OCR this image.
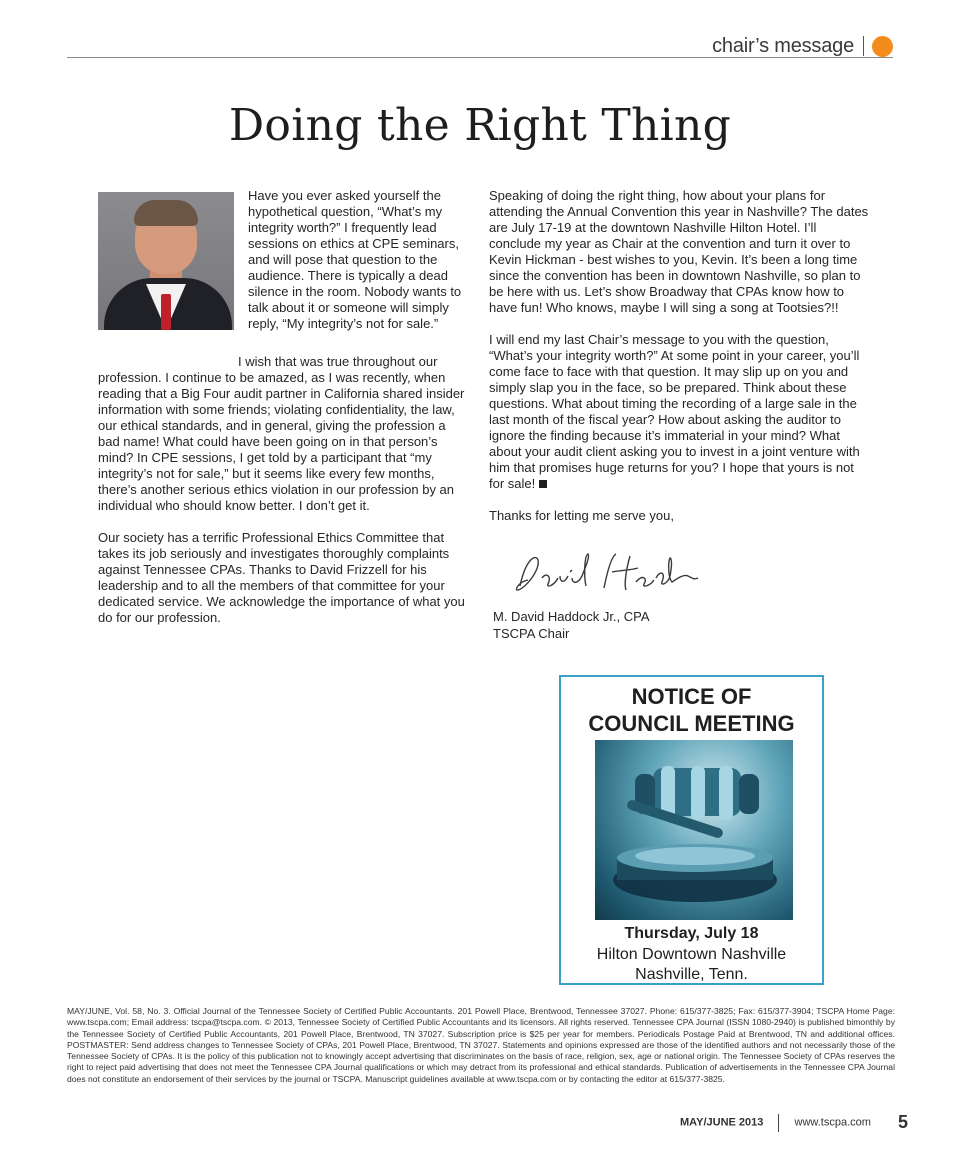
chair’s message
Doing the Right Thing

Have you ever asked yourself the hypothetical question, “What’s my integrity worth?” I frequently lead sessions on ethics at CPE seminars, and will pose that question to the audience. There is typically a dead silence in the room. Nobody wants to talk about it or someone will simply reply, “My integrity’s not for sale.”

I wish that was true throughout our profession. I continue to be amazed, as I was recently, when reading that a Big Four audit partner in California shared insider information with some friends; violating confidentiality, the law, our ethical standards, and in general, giving the profession a bad name! What could have been going on in that person’s mind? In CPE sessions, I get told by a participant that “my integrity’s not for sale,” but it seems like every few months, there’s another serious ethics violation in our profession by an individual who should know better. I don’t get it.

Our society has a terrific Professional Ethics Committee that takes its job seriously and investigates thoroughly complaints against Tennessee CPAs. Thanks to David Frizzell for his leadership and to all the members of that committee for your dedicated service. We acknowledge the importance of what you do for our profession.

Speaking of doing the right thing, how about your plans for attending the Annual Convention this year in Nashville? The dates are July 17-19 at the downtown Nashville Hilton Hotel. I’ll conclude my year as Chair at the convention and turn it over to Kevin Hickman - best wishes to you, Kevin. It’s been a long time since the convention has been in downtown Nashville, so plan to be here with us. Let’s show Broadway that CPAs know how to have fun! Who knows, maybe I will sing a song at Tootsies?!!

I will end my last Chair’s message to you with the question, “What’s your integrity worth?” At some point in your career, you’ll come face to face with that question. It may slip up on you and simply slap you in the face, so be prepared. Think about these questions. What about timing the recording of a large sale in the last month of the fiscal year? How about asking the auditor to ignore the finding because it’s immaterial in your mind? What about your audit client asking you to invest in a joint venture with him that promises huge returns for you? I hope that yours is not for sale!

Thanks for letting me serve you,

M. David Haddock Jr., CPA
TSCPA Chair
NOTICE OF
COUNCIL MEETING
Thursday, July 18
Hilton Downtown Nashville
Nashville, Tenn.
MAY/JUNE, Vol. 58, No. 3. Official Journal of the Tennessee Society of Certified Public Accountants. 201 Powell Place, Brentwood, Tennessee 37027. Phone: 615/377-3825; Fax: 615/377-3904; TSCPA Home Page: www.tscpa.com; Email address: tscpa@tscpa.com. © 2013, Tennessee Society of Certified Public Accountants and its licensors. All rights reserved. Tennessee CPA Journal (ISSN 1080-2940) is published bimonthly by the Tennessee Society of Certified Public Accountants, 201 Powell Place, Brentwood, TN 37027. Subscription price is $25 per year for members. Periodicals Postage Paid at Brentwood, TN and additional offices. POSTMASTER: Send address changes to Tennessee Society of CPAs, 201 Powell Place, Brentwood, TN 37027. Statements and opinions expressed are those of the identified authors and not necessarily those of the Tennessee Society of CPAs. It is the policy of this publication not to knowingly accept advertising that discriminates on the basis of race, religion, sex, age or national origin. The Tennessee Society of CPAs reserves the right to reject paid advertising that does not meet the Tennessee CPA Journal qualifications or which may detract from its professional and ethical standards. Publication of advertisements in the Tennessee CPA Journal does not constitute an endorsement of their services by the journal or TSCPA. Manuscript guidelines available at www.tscpa.com or by contacting the editor at 615/377-3825.
MAY/JUNE 2013	www.tscpa.com 5
